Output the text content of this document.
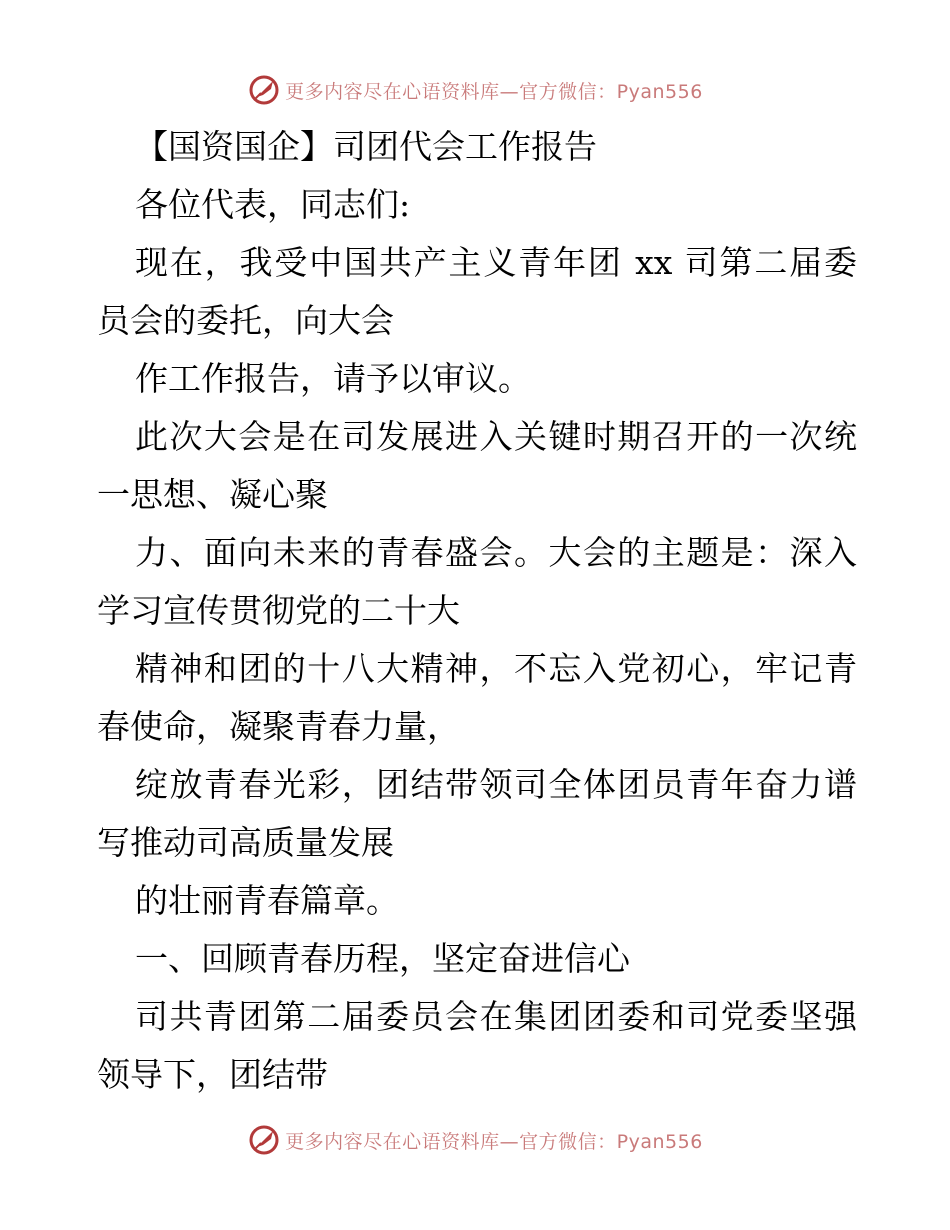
更多内容尽在心语资料库—官方微信：Pyan556
【国资国企】司团代会工作报告
各位代表，同志们:
现在，我受中国共产主义青年团 xx 司第二届委
员会的委托，向大会
作工作报告，请予以审议。
此次大会是在司发展进入关键时期召开的一次统
一思想、凝心聚
力、面向未来的青春盛会。大会的主题是：深入
学习宣传贯彻党的二十大
精神和团的十八大精神，不忘入党初心，牢记青
春使命，凝聚青春力量，
绽放青春光彩，团结带领司全体团员青年奋力谱
写推动司高质量发展
的壮丽青春篇章。
一、回顾青春历程，坚定奋进信心
司共青团第二届委员会在集团团委和司党委坚强
领导下，团结带
更多内容尽在心语资料库—官方微信：Pyan556
